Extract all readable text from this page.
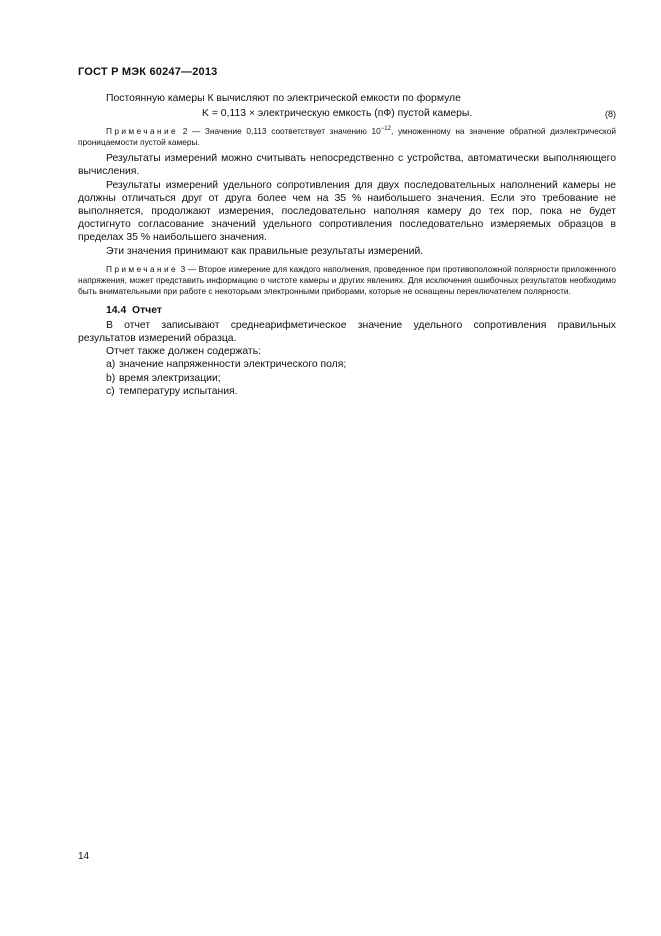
ГОСТ Р МЭК 60247—2013

Постоянную камеры К вычисляют по электрической емкости по формуле

K = 0,113 × электрическую емкость (пФ) пустой камеры.	(8)

Примечание 2 — Значение 0,113 соответствует значению $10^{-12}$, умноженному на значение обратной диэлектрической проницаемости пустой камеры.

Результаты измерений можно считывать непосредственно с устройства, автоматически выполняющего вычисления.

Результаты измерений удельного сопротивления для двух последовательных наполнений камеры не должны отличаться друг от друга более чем на 35 % наибольшего значения. Если это требование не выполняется, продолжают измерения, последовательно наполняя камеру до тех пор, пока не будет достигнуто согласование значений удельного сопротивления последовательно измеряемых образцов в пределах 35 % наибольшего значения.

Эти значения принимают как правильные результаты измерений.

Примечание 3 — Второе измерение для каждого наполнения, проведенное при противоположной полярности приложенного напряжения, может представить информацию о чистоте камеры и других явлениях. Для исключения ошибочных результатов необходимо быть внимательными при работе с некоторыми электронными приборами, которые не оснащены переключателем полярности.

14.4 Отчет

В отчет записывают среднеарифметическое значение удельного сопротивления правильных результатов измерений образца.

Отчет также должен содержать:

a) значение напряженности электрического поля;
b) время электризации;
c) температуру испытания.
14
